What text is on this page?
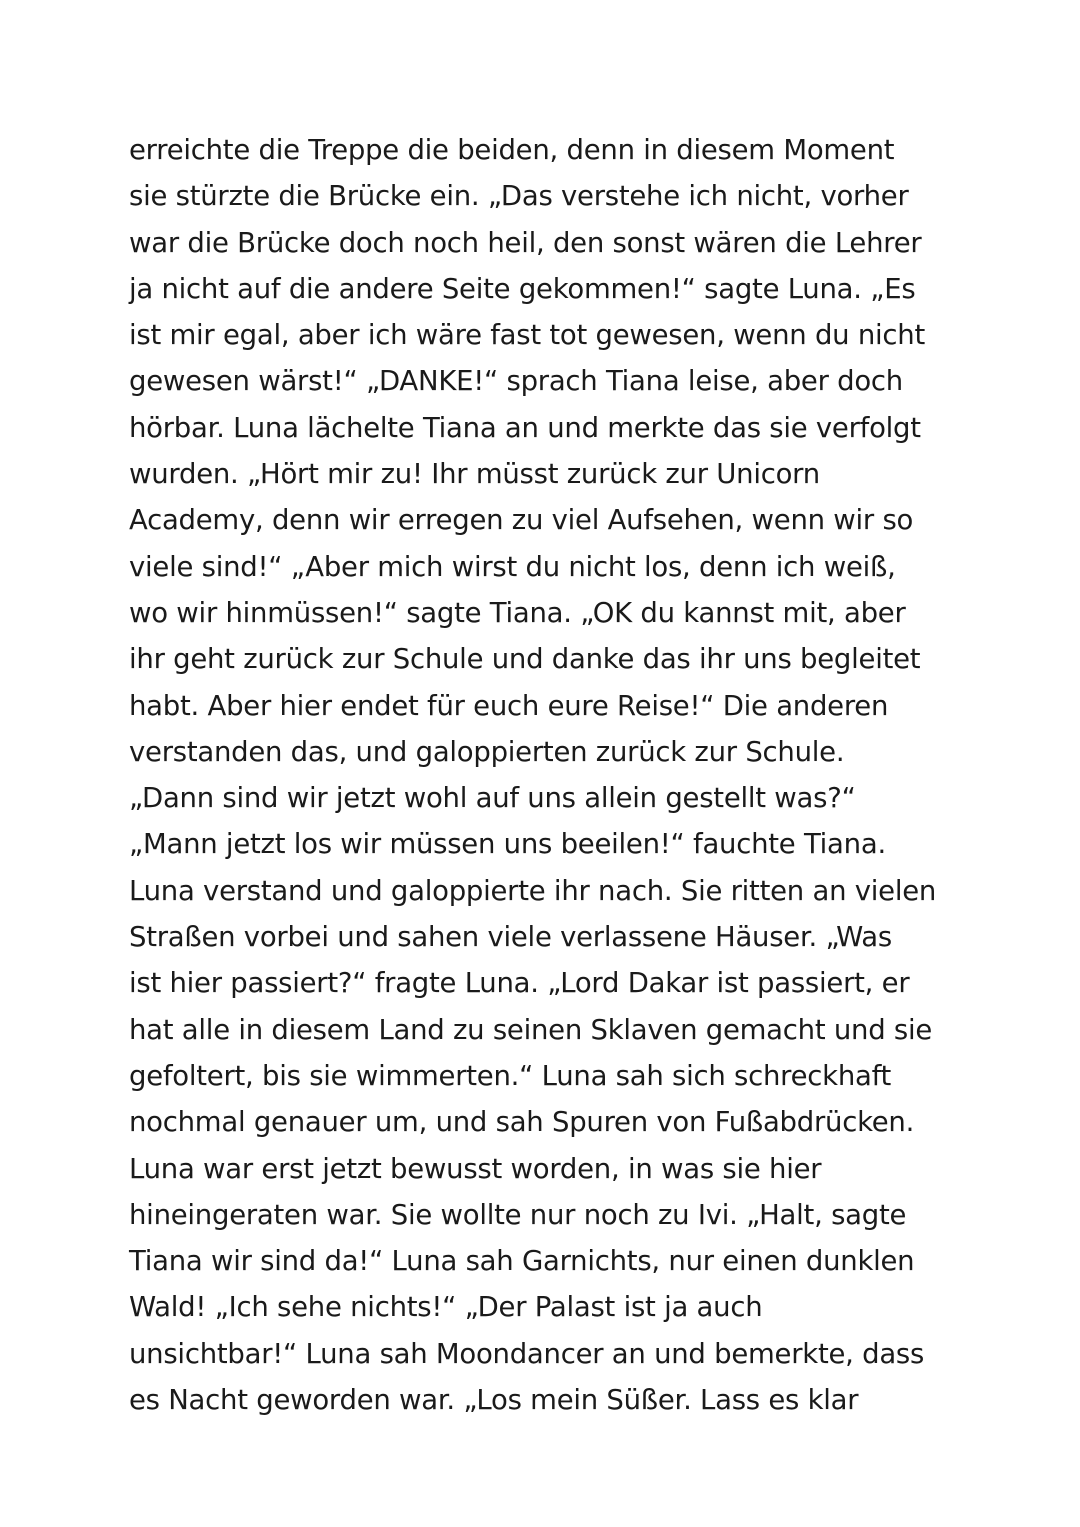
erreichte die Treppe die beiden, denn in diesem Moment
sie stürzte die Brücke ein. „Das verstehe ich nicht, vorher
war die Brücke doch noch heil, den sonst wären die Lehrer
ja nicht auf die andere Seite gekommen!“ sagte Luna. „Es
ist mir egal, aber ich wäre fast tot gewesen, wenn du nicht
gewesen wärst!“ „DANKE!“ sprach Tiana leise, aber doch
hörbar. Luna lächelte Tiana an und merkte das sie verfolgt
wurden. „Hört mir zu! Ihr müsst zurück zur Unicorn
Academy, denn wir erregen zu viel Aufsehen, wenn wir so
viele sind!“ „Aber mich wirst du nicht los, denn ich weiß,
wo wir hinmüssen!“ sagte Tiana. „OK du kannst mit, aber
ihr geht zurück zur Schule und danke das ihr uns begleitet
habt. Aber hier endet für euch eure Reise!“ Die anderen
verstanden das, und galoppierten zurück zur Schule.
„Dann sind wir jetzt wohl auf uns allein gestellt was?“
„Mann jetzt los wir müssen uns beeilen!“ fauchte Tiana.
Luna verstand und galoppierte ihr nach. Sie ritten an vielen
Straßen vorbei und sahen viele verlassene Häuser. „Was
ist hier passiert?“ fragte Luna. „Lord Dakar ist passiert, er
hat alle in diesem Land zu seinen Sklaven gemacht und sie
gefoltert, bis sie wimmerten.“ Luna sah sich schreckhaft
nochmal genauer um, und sah Spuren von Fußabdrücken.
Luna war erst jetzt bewusst worden, in was sie hier
hineingeraten war. Sie wollte nur noch zu Ivi. „Halt, sagte
Tiana wir sind da!“ Luna sah Garnichts, nur einen dunklen
Wald! „Ich sehe nichts!“ „Der Palast ist ja auch
unsichtbar!“ Luna sah Moondancer an und bemerkte, dass
es Nacht geworden war. „Los mein Süßer. Lass es klar
